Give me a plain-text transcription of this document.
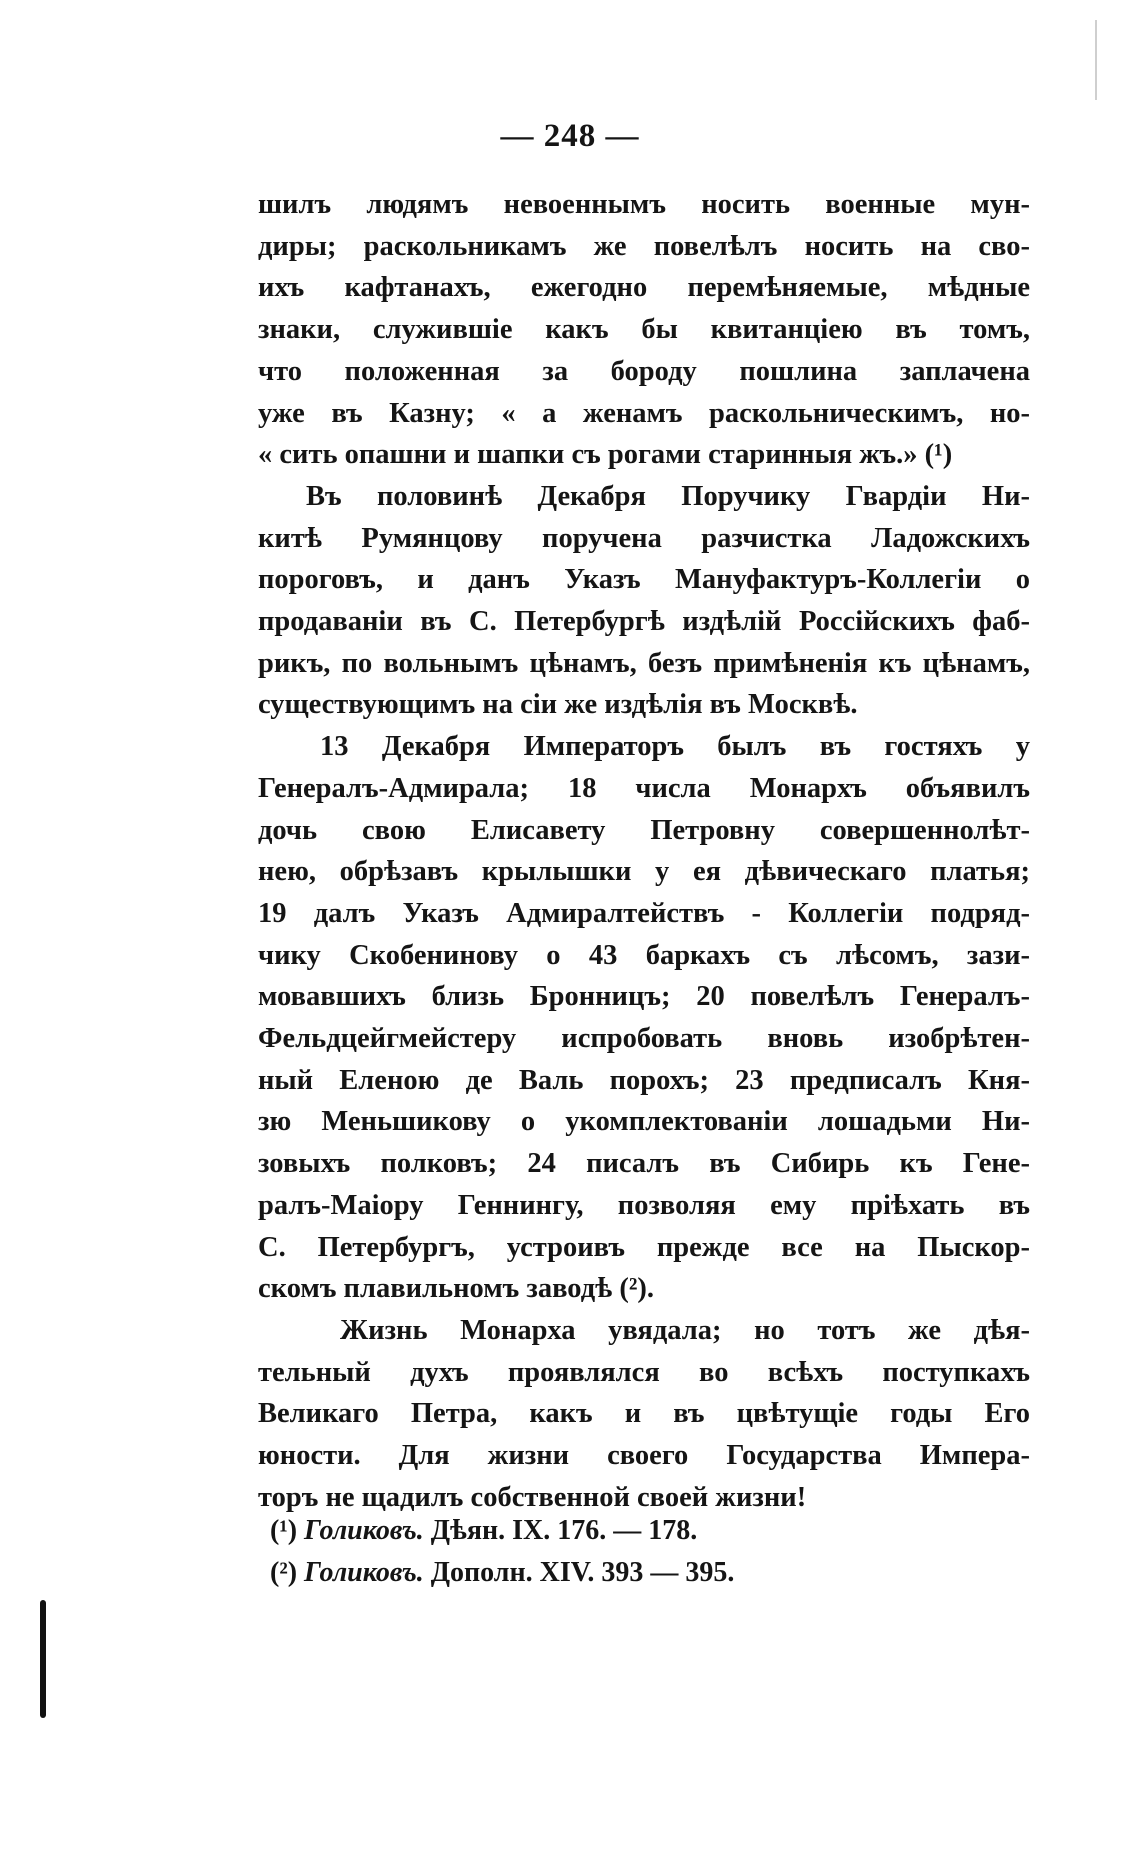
— 248 —
шилъ людямъ невоеннымъ носить военные мун-
диры; раскольникамъ же повелѣлъ носить на сво-
ихъ кафтанахъ, ежегодно перемѣняемые, мѣдные
знаки, служившіе какъ бы квитанціею въ томъ,
что положенная за бороду пошлина заплачена
уже въ Казну; « а женамъ раскольническимъ, но-
« сить опашни и шапки съ рогами старинныя жъ.» (¹)
Въ половинѣ Декабря Поручику Гвардіи Ни-
китѣ Румянцову поручена разчистка Ладожскихъ
пороговъ, и данъ Указъ Мануфактуръ-Коллегіи о
продаваніи въ С. Петербургѣ издѣлій Россійскихъ фаб-
рикъ, по вольнымъ цѣнамъ, безъ примѣненія къ цѣнамъ,
существующимъ на сіи же издѣлія въ Москвѣ.
13 Декабря Императоръ былъ въ гостяхъ у
Генералъ-Адмирала; 18 числа Монархъ объявилъ
дочь свою Елисавету Петровну совершеннолѣт-
нею, обрѣзавъ крылышки у ея дѣвическаго платья;
19 далъ Указъ Адмиралтействъ - Коллегіи подряд-
чику Скобенинову о 43 баркахъ съ лѣсомъ, зази-
мовавшихъ близь Бронницъ; 20 повелѣлъ Генералъ-
Фельдцейгмейстеру испробовать вновь изобрѣтен-
ный Еленою де Валь порохъ; 23 предписалъ Кня-
зю Меньшикову о укомплектованіи лошадьми Ни-
зовыхъ полковъ; 24 писалъ въ Сибирь къ Гене-
ралъ-Маіору Геннингу, позволяя ему пріѣхать въ
С. Петербургъ, устроивъ прежде все на Пыскор-
скомъ плавильномъ заводѣ (²).
Жизнь Монарха увядала; но тотъ же дѣя-
тельный духъ проявлялся во всѣхъ поступкахъ
Великаго Петра, какъ и въ цвѣтущіе годы Его
юности. Для жизни своего Государства Импера-
торъ не щадилъ собственной своей жизни!
(¹) Голиковъ. Дѣян. IX. 176. — 178.
(²) Голиковъ. Дополн. XIV. 393 — 395.
